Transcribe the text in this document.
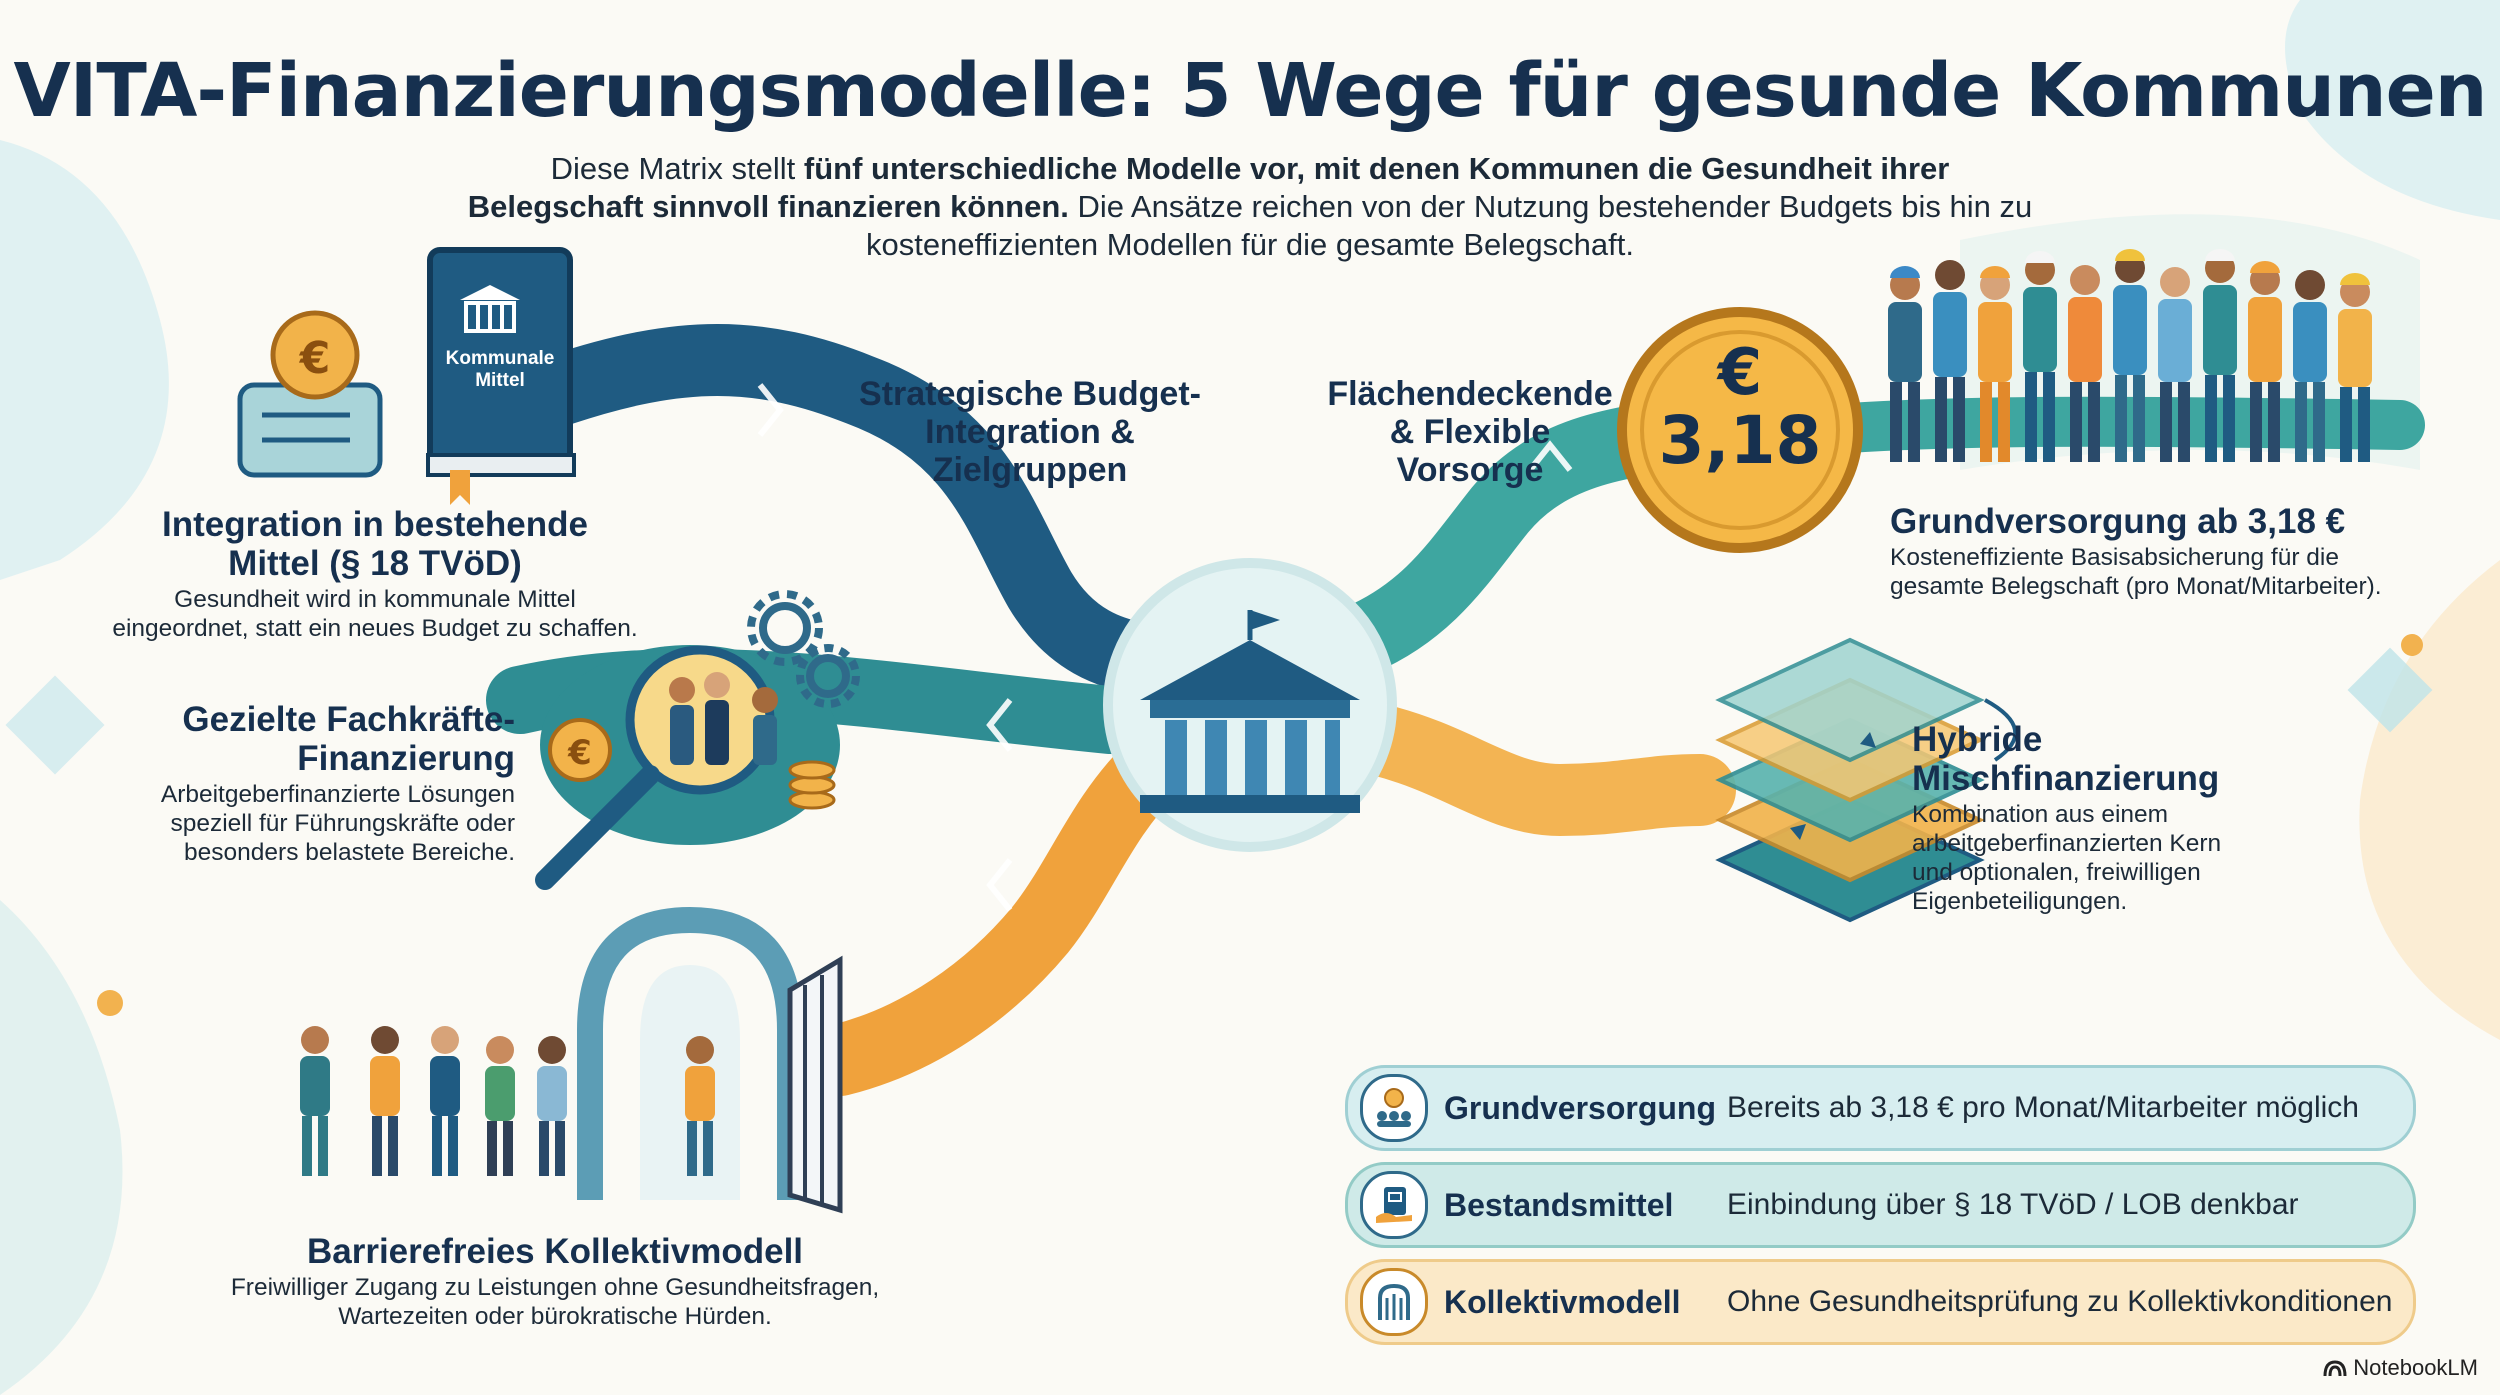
€
€
VITA-Finanzierungsmodelle: 5 Wege für gesunde Kommunen
Diese Matrix stellt fünf unterschiedliche Modelle vor, mit denen Kommunen die Gesundheit ihrer Belegschaft sinnvoll finanzieren können. Die Ansätze reichen von der Nutzung bestehender Budgets bis hin zu kosteneffizienten Modellen für die gesamte Belegschaft.
Kommunale
Mittel	€
3,18
Strategische Budget-
Integration &
Zielgruppen
Flächendeckende
& Flexible
Vorsorge
Integration in bestehende
Mittel (§ 18 TVöD)
Gesundheit wird in kommunale Mittel
eingeordnet, statt ein neues Budget zu schaffen.
Gezielte Fachkräfte-
Finanzierung
Arbeitgeberfinanzierte Lösungen
speziell für Führungskräfte oder
besonders belastete Bereiche.
Barrierefreies Kollektivmodell
Freiwilliger Zugang zu Leistungen ohne Gesundheitsfragen,
Wartezeiten oder bürokratische Hürden.
Grundversorgung ab 3,18 €
Kosteneffiziente Basisabsicherung für die
gesamte Belegschaft (pro Monat/Mitarbeiter).
Hybride
Mischfinanzierung
Kombination aus einem
arbeitgeberfinanzierten Kern
und optionalen, freiwilligen
Eigenbeteiligungen.
Grundversorgung Bereits ab 3,18 € pro Monat/Mitarbeiter möglich
Bestandsmittel	Einbindung über § 18 TVöD / LOB denkbar
Kollektivmodell	Ohne Gesundheitsprüfung zu Kollektivkonditionen
NotebookLM
